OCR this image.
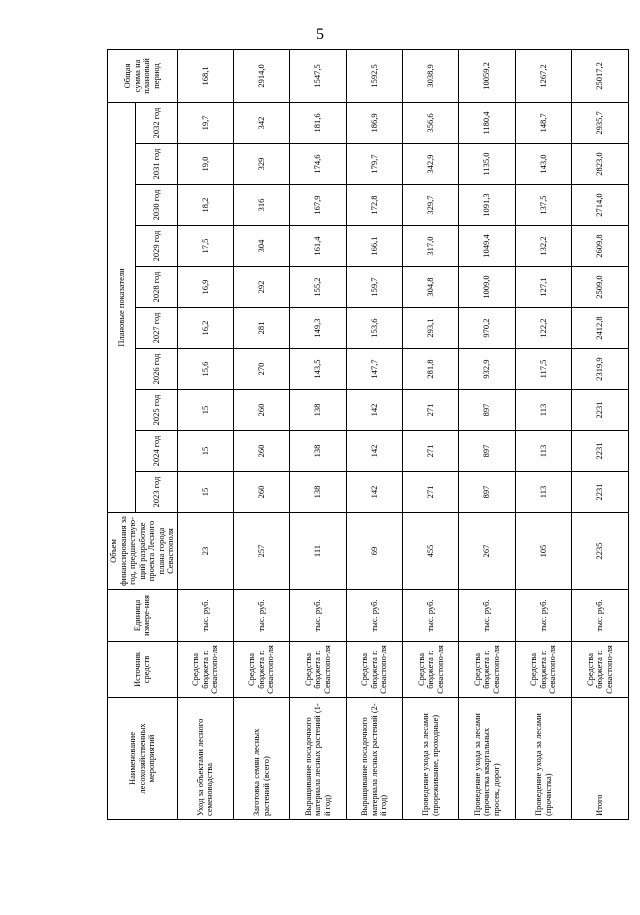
5
Наименование лесохозяйственных мероприятий	Источник средств	Единица измере-ния	Объем финансирования за год, предшествую-щий разработке проекта Лесного плана города Севастополя	Плановые показатели										Общая сумма на плановый период
				2023 год	2024 год	2025 год	2026 год	2027 год	2028 год	2029 год	2030 год	2031 год	2032 год	
Уход за объектами лесного семеноводства	Средства бюджета г. Севастопо-ля	тыс. руб.	23	15	15	15	15,6	16,2	16,9	17,5	18,2	19,0	19,7	168,1
Заготовка семян лесных растений (всего)	Средства бюджета г. Севастопо-ля	тыс. руб.	257	260	260	260	270	281	292	304	316	329	342	2914,0
Выращивание посадочного материала лесных растений (1-й год)	Средства бюджета г. Севастопо-ля	тыс. руб.	111	138	138	138	143,5	149,3	155,2	161,4	167,9	174,6	181,6	1547,5
Выращивание посадочного материала лесных растений (2-й год)	Средства бюджета г. Севастопо-ля	тыс. руб.	69	142	142	142	147,7	153,6	159,7	166,1	172,8	179,7	186,9	1592,5
Проведение ухода за лесами (прореживание, проходные)	Средства бюджета г. Севастопо-ля	тыс. руб.	455	271	271	271	281,8	293,1	304,8	317,0	329,7	342,9	356,6	3038,9
Проведение ухода за лесами (прочистка квартальных просек, дорог)	Средства бюджета г. Севастопо-ля	тыс. руб.	267	897	897	897	932,9	970,2	1009,0	1049,4	1091,3	1135,0	1180,4	10059,2
Проведение ухода за лесами (прочистка)	Средства бюджета г. Севастопо-ля	тыс. руб.	105	113	113	113	117,5	122,2	127,1	132,2	137,5	143,0	148,7	1267,2
Итого	Средства бюджета г. Севастопо-ля	тыс. руб.	2235	2231	2231	2231	2319,9	2412,8	2509,0	2609,8	2714,0	2823,0	2935,7	25017,2
